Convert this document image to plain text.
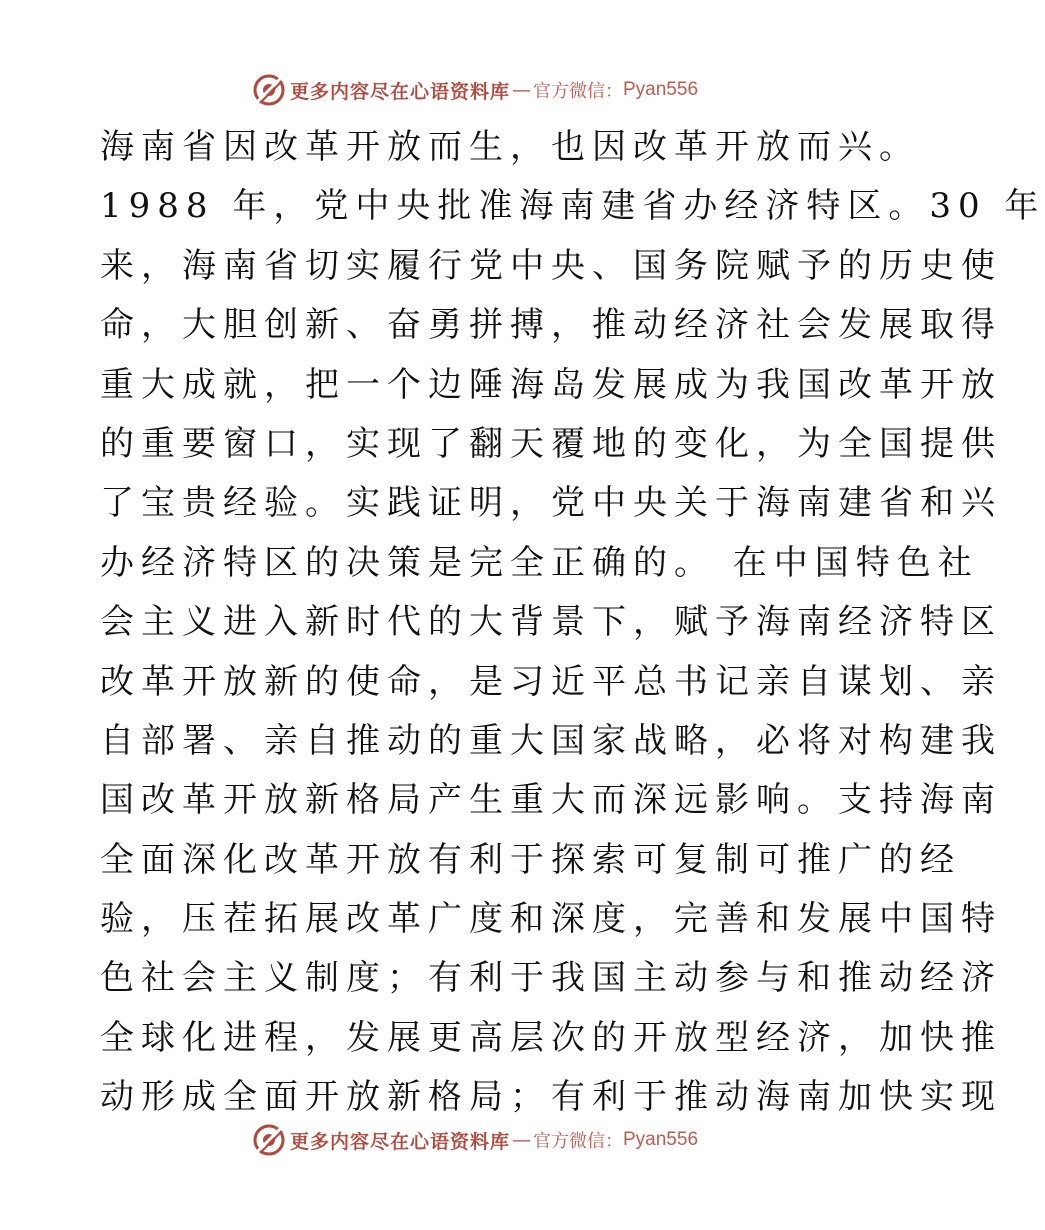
更多内容尽在心语资料库 — 官方微信： Pyan556
海南省因改革开放而生，也因改革开放而兴。
1988 年，党中央批准海南建省办经济特区。30 年
来，海南省切实履行党中央、国务院赋予的历史使
命，大胆创新、奋勇拼搏，推动经济社会发展取得
重大成就，把一个边陲海岛发展成为我国改革开放
的重要窗口，实现了翻天覆地的变化，为全国提供
了宝贵经验。实践证明，党中央关于海南建省和兴
办经济特区的决策是完全正确的。 在中国特色社
会主义进入新时代的大背景下，赋予海南经济特区
改革开放新的使命，是习近平总书记亲自谋划、亲
自部署、亲自推动的重大国家战略，必将对构建我
国改革开放新格局产生重大而深远影响。支持海南
全面深化改革开放有利于探索可复制可推广的经
验，压茬拓展改革广度和深度，完善和发展中国特
色社会主义制度；有利于我国主动参与和推动经济
全球化进程，发展更高层次的开放型经济，加快推
动形成全面开放新格局；有利于推动海南加快实现
更多内容尽在心语资料库 — 官方微信： Pyan556
